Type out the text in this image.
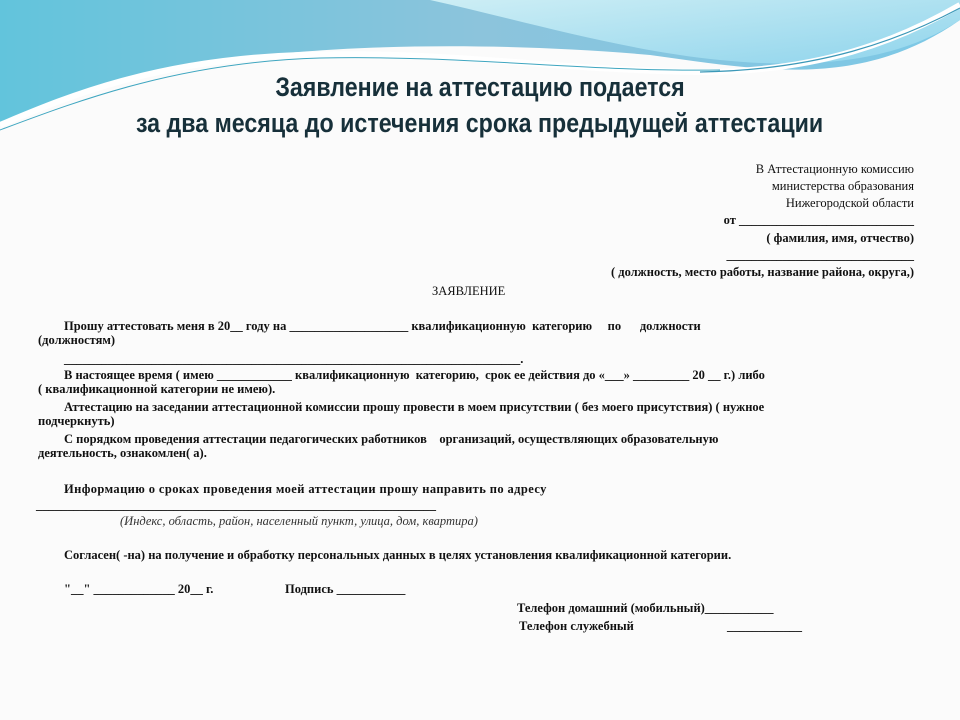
Заявление на аттестацию подается
за два месяца до истечения срока предыдущей аттестации
В Аттестационную комиссию
министерства образования
Нижегородской области
от ____________________________
( фамилия, имя, отчество)
______________________________
( должность, место работы, название района, округа,)
ЗАЯВЛЕНИЕ
Прошу аттестовать меня в 20__ году на ___________________ квалификационную  категорию     по      должности
(должностям)
_________________________________________________________________________.
В настоящее время ( имею ____________ квалификационную  категорию,  срок ее действия до «___» _________ 20 __ г.) либо
( квалификационной категории не имею).
Аттестацию на заседании аттестационной комиссии прошу провести в моем присутствии ( без моего присутствия) ( нужное
подчеркнуть)
С порядком проведения аттестации педагогических работников    организаций, осуществляющих образовательную
деятельность, ознакомлен( а).
Информацию о сроках проведения моей аттестации прошу направить по адресу
________________________________________________________________
(Индекс, область, район, населенный пункт, улица, дом, квартира)
Согласен( -на) на получение и обработку персональных данных в целях установления квалификационной категории.
"__" _____________ 20__ г.	Подпись ___________
Телефон домашний (мобильный)___________
Телефон служебный	____________
